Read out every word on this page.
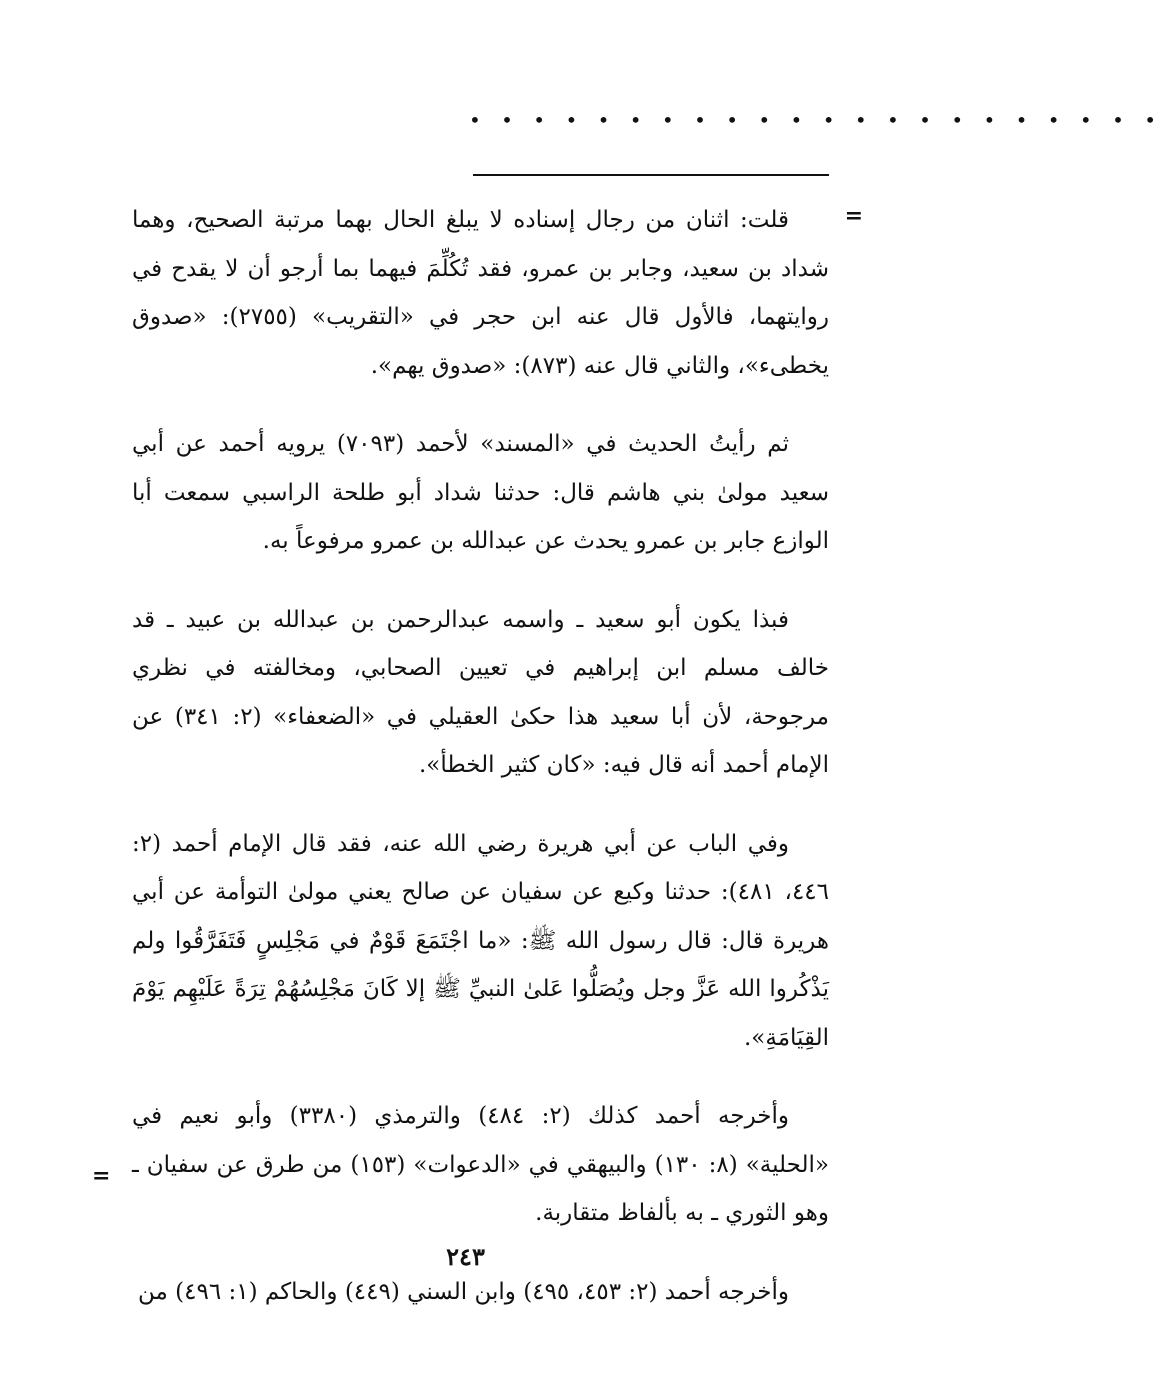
• • • • • • • • • • • • • • • • • • • • • •
=

قلت: اثنان من رجال إسناده لا يبلغ الحال بهما مرتبة الصحيح، وهما شداد بن سعيد، وجابر بن عمرو، فقد تُكُلِّمَ فيهما بما أرجو أن لا يقدح في روايتهما، فالأول قال عنه ابن حجر في «التقريب» (٢٧٥٥): «صدوق يخطىء»، والثاني قال عنه (٨٧٣): «صدوق يهم».

ثم رأيتُ الحديث في «المسند» لأحمد (٧٠٩٣) يرويه أحمد عن أبي سعيد مولىٰ بني هاشم قال: حدثنا شداد أبو طلحة الراسبي سمعت أبا الوازع جابر بن عمرو يحدث عن عبدالله بن عمرو مرفوعاً به.

فبذا يكون أبو سعيد ـ واسمه عبدالرحمن بن عبدالله بن عبيد ـ قد خالف مسلم ابن إبراهيم في تعيين الصحابي، ومخالفته في نظري مرجوحة، لأن أبا سعيد هذا حكىٰ العقيلي في «الضعفاء» (٢: ٣٤١) عن الإمام أحمد أنه قال فيه: «كان كثير الخطأ».

وفي الباب عن أبي هريرة رضي الله عنه، فقد قال الإمام أحمد (٢: ٤٤٦، ٤٨١): حدثنا وكيع عن سفيان عن صالح يعني مولىٰ التوأمة عن أبي هريرة قال: قال رسول الله ﷺ: «ما اجْتَمَعَ قَوْمٌ في مَجْلِسٍ فَتَفَرَّقُوا ولم يَذْكُروا الله عَزَّ وجل ويُصَلُّوا عَلىٰ النبيِّ ﷺ إلا كَانَ مَجْلِسُهُمْ تِرَةً عَلَيْهِم يَوْمَ القِيَامَةِ».

وأخرجه أحمد كذلك (٢: ٤٨٤) والترمذي (٣٣٨٠) وأبو نعيم في «الحلية» (٨: ١٣٠) والبيهقي في «الدعوات» (١٥٣) من طرق عن سفيان ـ وهو الثوري ـ به بألفاظ متقاربة.

وأخرجه أحمد (٢: ٤٥٣، ٤٩٥) وابن السني (٤٤٩) والحاكم (١: ٤٩٦) من

=
٢٤٣
